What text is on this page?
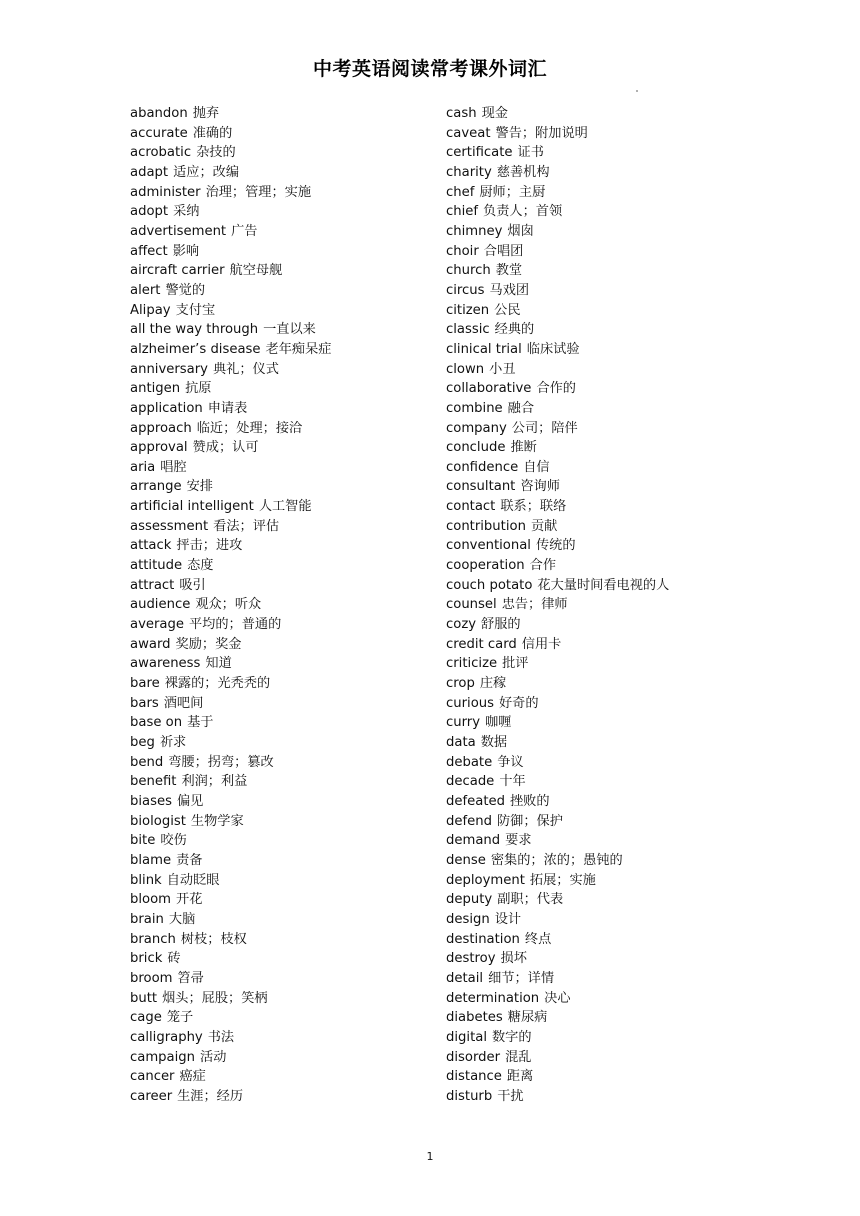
中考英语阅读常考课外词汇
abandon 抛弃
accurate 准确的
acrobatic 杂技的
adapt 适应；改编
administer 治理；管理；实施
adopt 采纳
advertisement 广告
affect 影响
aircraft carrier 航空母舰
alert 警觉的
Alipay 支付宝
all the way through 一直以来
alzheimer’s disease 老年痴呆症
anniversary 典礼；仪式
antigen 抗原
application 申请表
approach 临近；处理；接洽
approval 赞成；认可
aria 唱腔
arrange 安排
artificial intelligent 人工智能
assessment 看法；评估
attack 抨击；进攻
attitude 态度
attract 吸引
audience 观众；听众
average 平均的；普通的
award 奖励；奖金
awareness 知道
bare 裸露的；光秃秃的
bars 酒吧间
base on 基于
beg 祈求
bend 弯腰；拐弯；篡改
benefit 利润；利益
biases 偏见
biologist 生物学家
bite 咬伤
blame 责备
blink 自动眨眼
bloom 开花
brain 大脑
branch 树枝；枝权
brick 砖
broom 笤帚
butt 烟头；屁股；笑柄
cage 笼子
calligraphy 书法
campaign 活动
cancer 癌症
career 生涯；经历
cash 现金
caveat 警告；附加说明
certificate 证书
charity 慈善机构
chef 厨师；主厨
chief 负责人；首领
chimney 烟囱
choir 合唱团
church 教堂
circus 马戏团
citizen 公民
classic 经典的
clinical trial 临床试验
clown 小丑
collaborative 合作的
combine 融合
company 公司；陪伴
conclude 推断
confidence 自信
consultant 咨询师
contact 联系；联络
contribution 贡献
conventional 传统的
cooperation 合作
couch potato 花大量时间看电视的人
counsel 忠告；律师
cozy 舒服的
credit card 信用卡
criticize 批评
crop 庄稼
curious 好奇的
curry 咖喱
data 数据
debate 争议
decade 十年
defeated 挫败的
defend 防御；保护
demand 要求
dense 密集的；浓的；愚钝的
deployment 拓展；实施
deputy 副职；代表
design 设计
destination 终点
destroy 损坏
detail 细节；详情
determination 决心
diabetes 糖尿病
digital 数字的
disorder 混乱
distance 距离
disturb 干扰
1
